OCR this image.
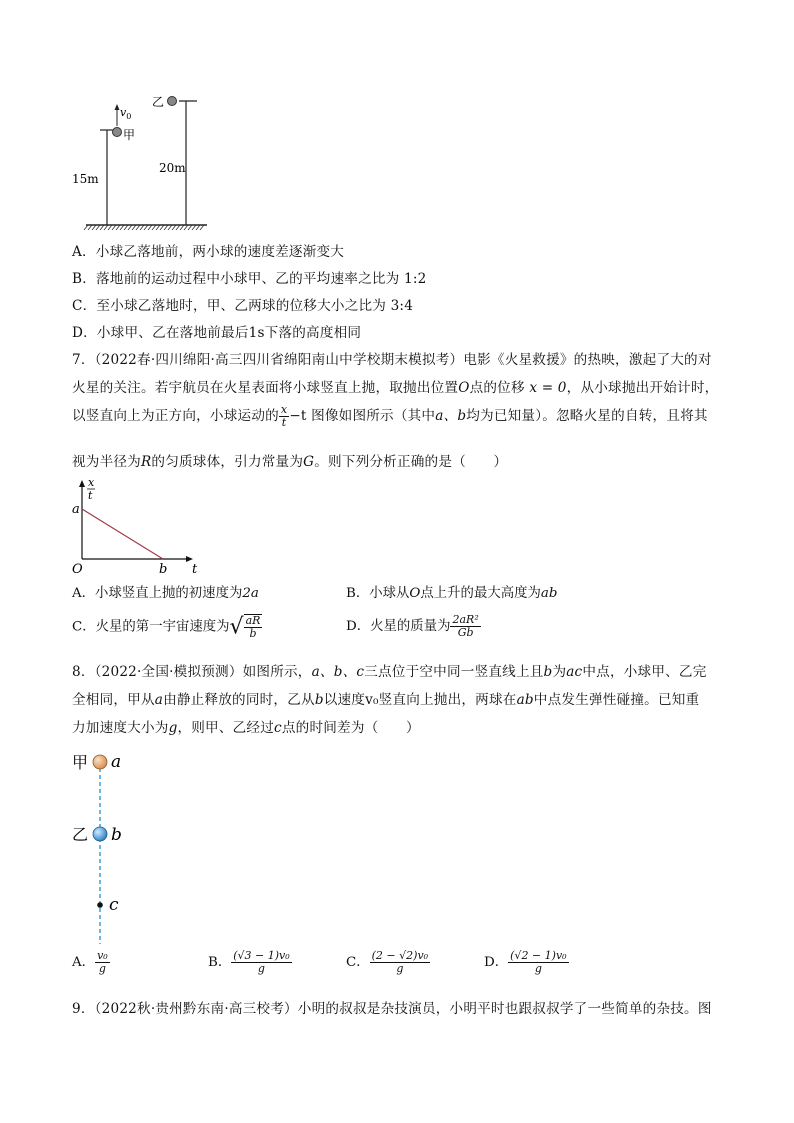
甲
乙
$v_0$
15m
20m
A．小球乙落地前，两小球的速度差逐渐变大
B．落地前的运动过程中小球甲、乙的平均速率之比为 1:2
C．至小球乙落地时，甲、乙两球的位移大小之比为 3:4
D．小球甲、乙在落地前最后1s下落的高度相同
7．（2022春·四川绵阳·高三四川省绵阳南山中学校期末模拟考）电影《火星救援》的热映，激起了大的对
火星的关注。若宇航员在火星表面将小球竖直上抛，取抛出位置O点的位移 x = 0，从小球抛出开始计时，
以竖直向上为正方向，小球运动的 $\frac{x}{t} -t$ 图像如图所示（其中a、b均为已知量）。忽略火星的自转，且将其
视为半径为R的匀质球体，引力常量为G。则下列分析正确的是（　　）
x
t
a
b
O	t
A．小球竖直上抛的初速度为2a	B．小球从O点上升的最大高度为ab
C．火星的第一宇宙速度为√ $\frac{aR}{b}$	D．火星的质量为 $\frac{\text{2aR²}}{Gb}$
8．（2022·全国·模拟预测）如图所示，a、b、c三点位于空中同一竖直线上且b为ac中点，小球甲、乙完
全相同，甲从a由静止释放的同时，乙从b以速度v₀竖直向上抛出，两球在ab中点发生弹性碰撞。已知重
力加速度大小为g，则甲、乙经过c点的时间差为（　　）
甲 a
乙 b
c
A． $\frac{\text{v₀}}{g}$	B． $\frac{\text{(√3 − 1)v₀}}{g}$	C． $\frac{\text{(2 − √2)v₀}}{g}$	D． $\frac{\text{(√2 − 1)v₀}}{g}$
9．（2022秋·贵州黔东南·高三校考）小明的叔叔是杂技演员，小明平时也跟叔叔学了一些简单的杂技。图
